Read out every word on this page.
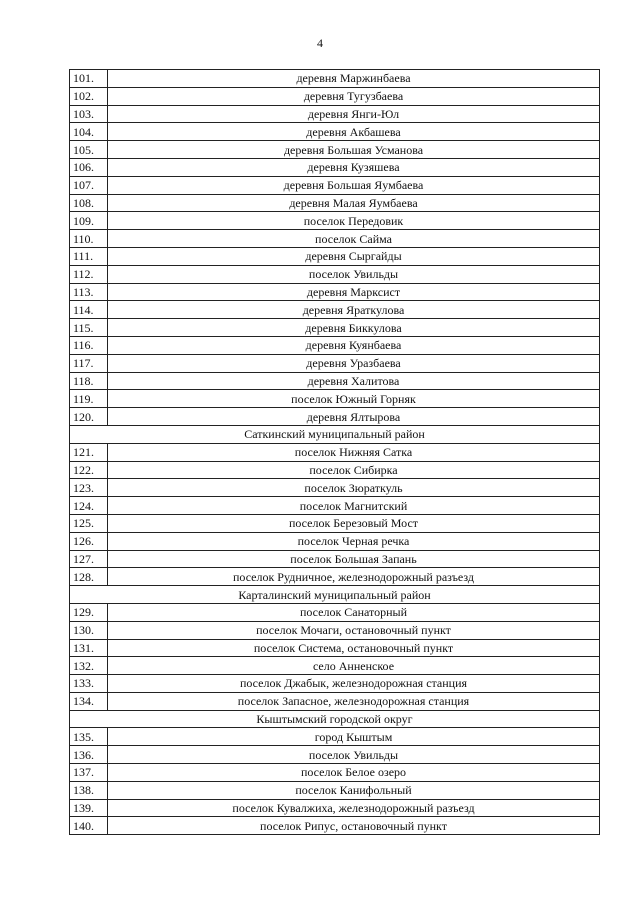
4
101.	деревня Маржинбаева
102.	деревня Тугузбаева
103.	деревня Янги-Юл
104.	деревня Акбашева
105.	деревня Большая Усманова
106.	деревня Кузяшева
107.	деревня Большая Яумбаева
108.	деревня Малая Яумбаева
109.	поселок Передовик
110.	поселок Сайма
111.	деревня Сыргайды
112.	поселок Увильды
113.	деревня Марксист
114.	деревня Яраткулова
115.	деревня Биккулова
116.	деревня Куянбаева
117.	деревня Уразбаева
118.	деревня Халитова
119.	поселок Южный Горняк
120.	деревня Ялтырова
Саткинский муниципальный район	
121.	поселок Нижняя Сатка
122.	поселок Сибирка
123.	поселок Зюраткуль
124.	поселок Магнитский
125.	поселок Березовый Мост
126.	поселок Черная речка
127.	поселок Большая Запань
128.	поселок Рудничное, железнодорожный разъезд
Карталинский муниципальный район	
129.	поселок Санаторный
130.	поселок Мочаги, остановочный пункт
131.	поселок Система, остановочный пункт
132.	село Анненское
133.	поселок Джабык, железнодорожная станция
134.	поселок Запасное, железнодорожная станция
Кыштымский городской округ	
135.	город Кыштым
136.	поселок Увильды
137.	поселок Белое озеро
138.	поселок Канифольный
139.	поселок Кувалжиха, железнодорожный разъезд
140.	поселок Рипус, остановочный пункт
